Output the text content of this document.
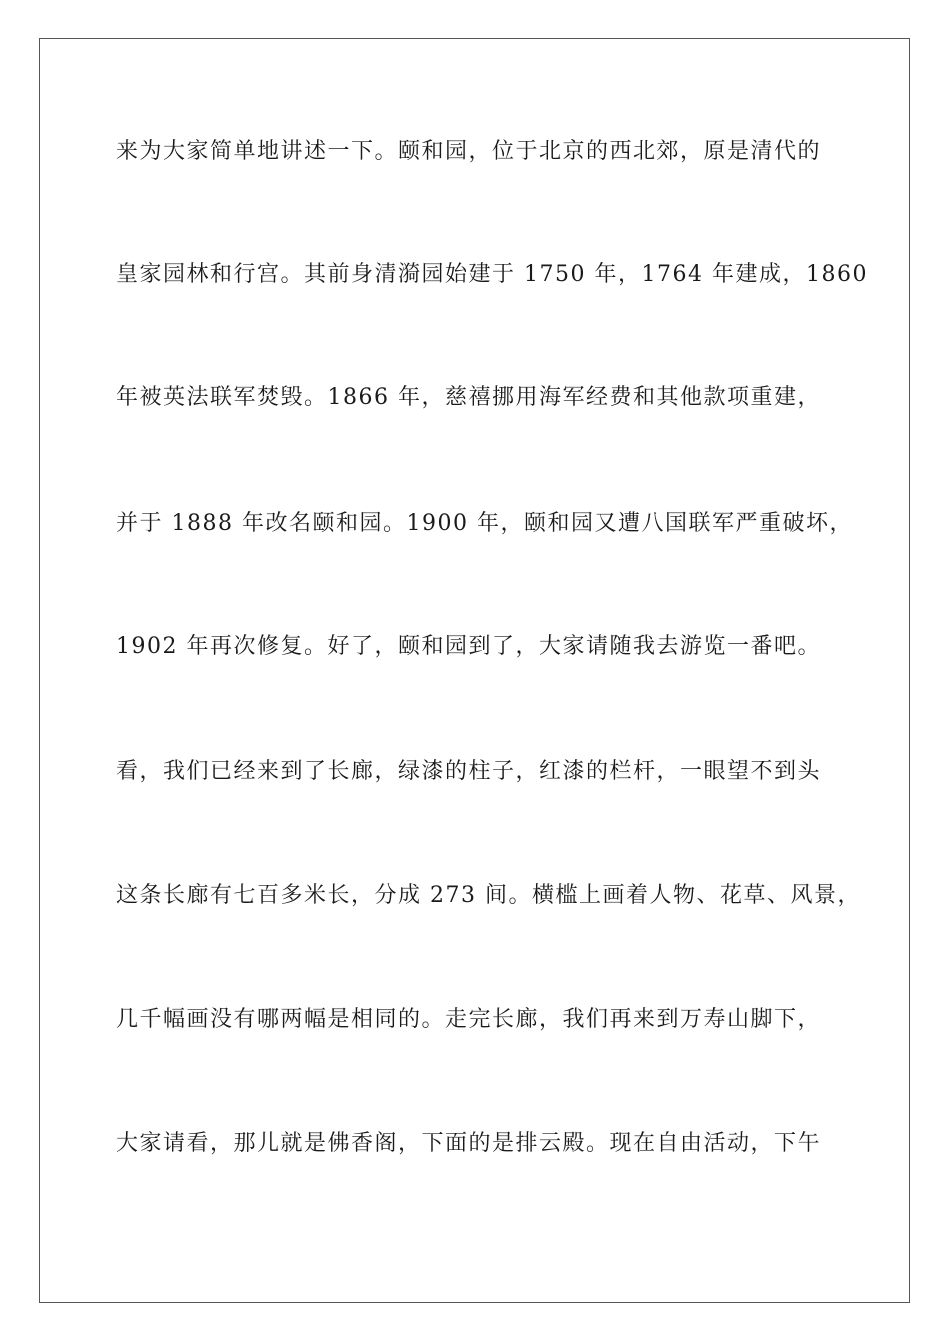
来为大家简单地讲述一下。颐和园，位于北京的西北郊，原是清代的
皇家园林和行宫。其前身清漪园始建于 1750 年，1764 年建成，1860
年被英法联军焚毁。1866 年，慈禧挪用海军经费和其他款项重建，
并于 1888 年改名颐和园。1900 年，颐和园又遭八国联军严重破坏，
1902 年再次修复。好了，颐和园到了，大家请随我去游览一番吧。
看，我们已经来到了长廊，绿漆的柱子，红漆的栏杆，一眼望不到头
这条长廊有七百多米长，分成 273 间。横槛上画着人物、花草、风景，
几千幅画没有哪两幅是相同的。走完长廊，我们再来到万寿山脚下，
大家请看，那儿就是佛香阁，下面的是排云殿。现在自由活动，下午
